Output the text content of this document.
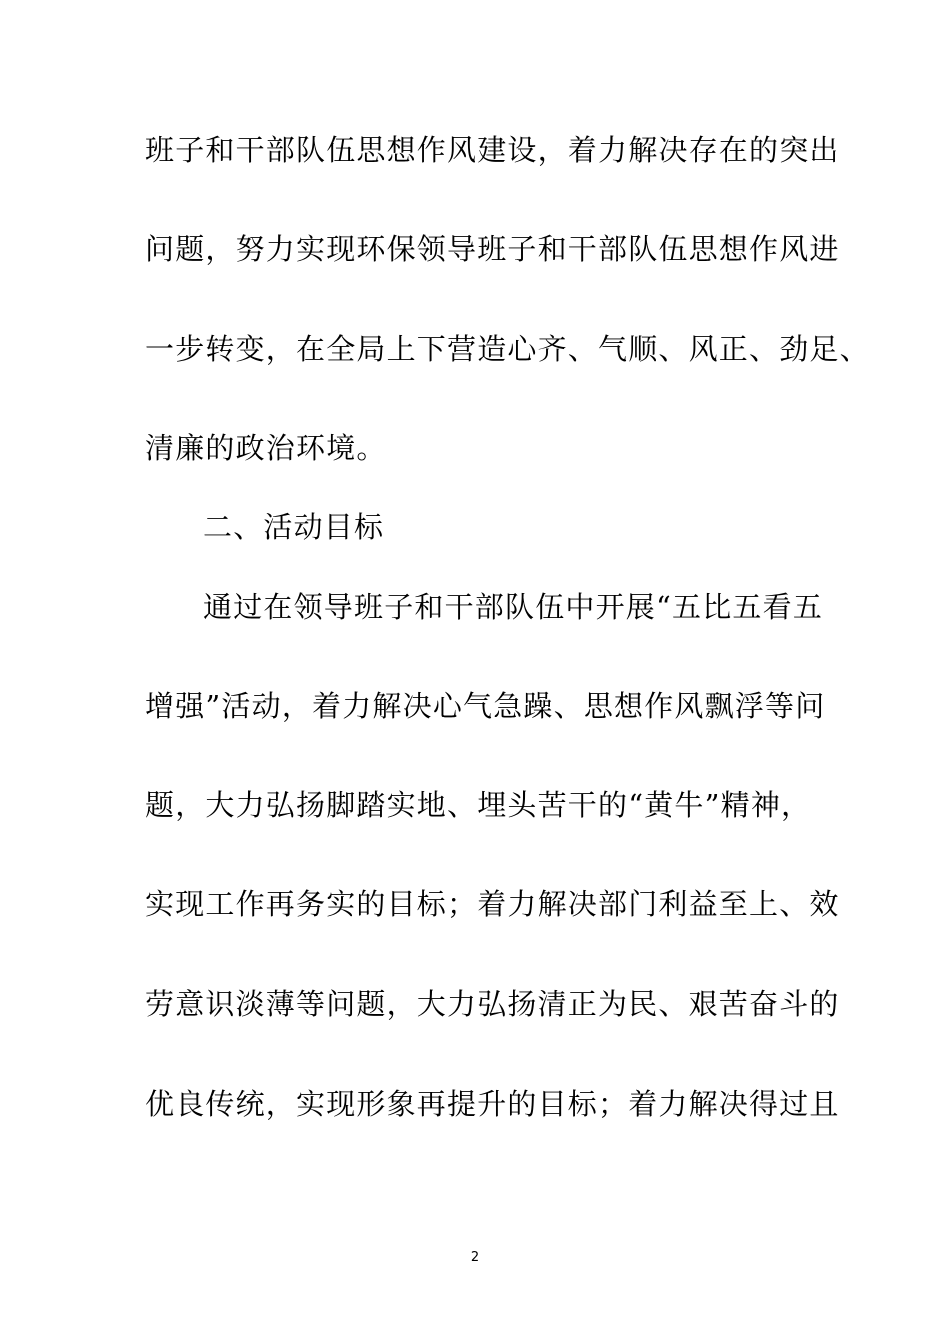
班子和干部队伍思想作风建设，着力解决存在的突出
问题，努力实现环保领导班子和干部队伍思想作风进
一步转变，在全局上下营造心齐、气顺、风正、劲足、
清廉的政治环境。
二、活动目标
通过在领导班子和干部队伍中开展“五比五看五
增强”活动，着力解决心气急躁、思想作风飘浮等问
题，大力弘扬脚踏实地、埋头苦干的“黄牛”精神，
实现工作再务实的目标；着力解决部门利益至上、效
劳意识淡薄等问题，大力弘扬清正为民、艰苦奋斗的
优良传统，实现形象再提升的目标；着力解决得过且
2
